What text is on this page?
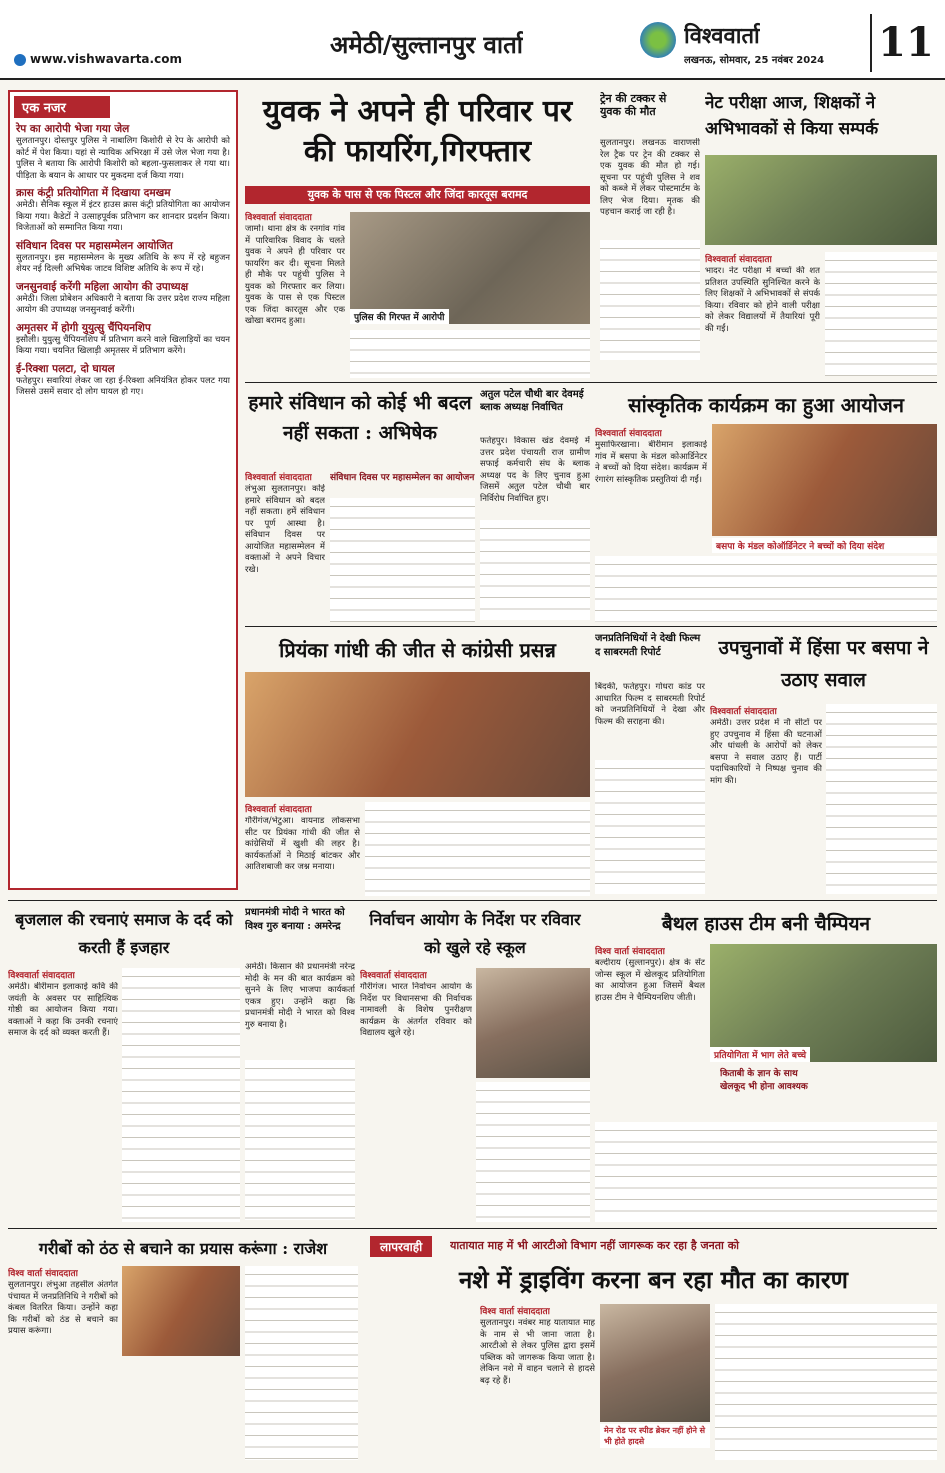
अमेठी/सुल्तानपुर वार्ता
www.vishwavarta.com
विश्ववार्ता
लखनऊ, सोमवार, 25 नवंबर 2024 11
एक नजर
रेप का आरोपी भेजा गया जेल
सुलतानपुर। दोस्तपुर पुलिस ने नाबालिग किशोरी से रेप के आरोपी को कोर्ट में पेश किया। यहां से न्यायिक अभिरक्षा में उसे जेल भेजा गया है। पुलिस ने बताया कि आरोपी किशोरी को बहला-फुसलाकर ले गया था। पीड़िता के बयान के आधार पर मुकदमा दर्ज किया गया।
क्रास कंट्री प्रतियोगिता में दिखाया दमखम
अमेठी। सैनिक स्कूल में इंटर हाउस क्रास कंट्री प्रतियोगिता का आयोजन किया गया। कैडेटों ने उत्साहपूर्वक प्रतिभाग कर शानदार प्रदर्शन किया। विजेताओं को सम्मानित किया गया।
संविधान दिवस पर महासम्मेलन आयोजित
सुलतानपुर। इस महासम्मेलन के मुख्य अतिथि के रूप में रहे बहुजन शेयर नई दिल्ली अभिषेक जाटव विशिष्ट अतिथि के रूप में रहे।
जनसुनवाई करेंगी महिला आयोग की उपाध्यक्ष
अमेठी। जिला प्रोबेशन अधिकारी ने बताया कि उत्तर प्रदेश राज्य महिला आयोग की उपाध्यक्ष जनसुनवाई करेंगी।
अमृतसर में होगी युयुत्सु चैंपियनशिप
इसौली। युयुत्सु चैंपियनशिप में प्रतिभाग करने वाले खिलाड़ियों का चयन किया गया। चयनित खिलाड़ी अमृतसर में प्रतिभाग करेंगे।
ई-रिक्शा पलटा, दो घायल
फतेहपुर। सवारियां लेकर जा रहा ई-रिक्शा अनियंत्रित होकर पलट गया जिससे उसमें सवार दो लोग घायल हो गए।
युवक ने अपने ही परिवार पर की फायरिंग,गिरफ्तार
युवक के पास से एक पिस्टल और जिंदा कारतूस बरामद
विश्ववार्ता संवाददाता
जामो। थाना क्षेत्र के रनगांव गांव में पारिवारिक विवाद के चलते युवक ने अपने ही परिवार पर फायरिंग कर दी। सूचना मिलते ही मौके पर पहुंची पुलिस ने युवक को गिरफ्तार कर लिया। युवक के पास से एक पिस्टल एक जिंदा कारतूस और एक खोखा बरामद हुआ।	पुलिस की गिरफ्त में आरोपी
ट्रेन की टक्कर से युवक की मौत
सुलतानपुर। लखनऊ वाराणसी रेल ट्रैक पर ट्रेन की टक्कर से एक युवक की मौत हो गई। सूचना पर पहुंची पुलिस ने शव को कब्जे में लेकर पोस्टमार्टम के लिए भेज दिया। मृतक की पहचान कराई जा रही है।
नेट परीक्षा आज, शिक्षकों ने अभिभावकों से किया सम्पर्क
विश्ववार्ता संवाददाता
भादर। नेट परीक्षा में बच्चों की शत प्रतिशत उपस्थिति सुनिश्चित करने के लिए शिक्षकों ने अभिभावकों से संपर्क किया। रविवार को होने वाली परीक्षा को लेकर विद्यालयों में तैयारियां पूरी की गईं।
हमारे संविधान को कोई भी बदल नहीं सकता : अभिषेक
संविधान दिवस पर महासम्मेलन का आयोजन
विश्ववार्ता संवाददाता
लंभुआ सुलतानपुर। कोई हमारे संविधान को बदल नहीं सकता। हमें संविधान पर पूर्ण आस्था है। संविधान दिवस पर आयोजित महासम्मेलन में वक्ताओं ने अपने विचार रखे।
अतुल पटेल चौथी बार देवमई ब्लाक अध्यक्ष निर्वाचित
फतेहपुर। विकास खंड देवमई में उत्तर प्रदेश पंचायती राज ग्रामीण सफाई कर्मचारी संघ के ब्लाक अध्यक्ष पद के लिए चुनाव हुआ जिसमें अतुल पटेल चौथी बार निर्विरोध निर्वाचित हुए।
सांस्कृतिक कार्यक्रम का हुआ आयोजन
विश्ववार्ता संवाददाता
मुसाफिरखाना। बीरीमान इलाकाई गांव में बसपा के मंडल कोआर्डिनेटर ने बच्चों को दिया संदेश। कार्यक्रम में रंगारंग सांस्कृतिक प्रस्तुतियां दी गईं।
बसपा के मंडल कोऑर्डिनेटर ने बच्चों को दिया संदेश
प्रियंका गांधी की जीत से कांग्रेसी प्रसन्न
विश्ववार्ता संवाददाता
गौरीगंज/भेटुआ। वायनाड लोकसभा सीट पर प्रियंका गांधी की जीत से कांग्रेसियों में खुशी की लहर है। कार्यकर्ताओं ने मिठाई बांटकर और आतिशबाजी कर जश्न मनाया।
जनप्रतिनिधियों ने देखी फिल्म द साबरमती रिपोर्ट
बिंदकी, फतेहपुर। गोधरा कांड पर आधारित फिल्म द साबरमती रिपोर्ट को जनप्रतिनिधियों ने देखा और फिल्म की सराहना की।
उपचुनावों में हिंसा पर बसपा ने उठाए सवाल
विश्ववार्ता संवाददाता
अमेठी। उत्तर प्रदेश में नौ सीटों पर हुए उपचुनाव में हिंसा की घटनाओं और धांधली के आरोपों को लेकर बसपा ने सवाल उठाए हैं। पार्टी पदाधिकारियों ने निष्पक्ष चुनाव की मांग की।
बृजलाल की रचनाएं समाज के दर्द को करती हैं इजहार
विश्ववार्ता संवाददाता
अमेठी। बीरीमान इलाकाई कवि की जयंती के अवसर पर साहित्यिक गोष्ठी का आयोजन किया गया। वक्ताओं ने कहा कि उनकी रचनाएं समाज के दर्द को व्यक्त करती हैं।
प्रधानमंत्री मोदी ने भारत को विश्व गुरु बनाया : अमरेन्द्र
अमेठी। किसान की प्रधानमंत्री नरेन्द्र मोदी के मन की बात कार्यक्रम को सुनने के लिए भाजपा कार्यकर्ता एकत्र हुए। उन्होंने कहा कि प्रधानमंत्री मोदी ने भारत को विश्व गुरु बनाया है।
निर्वाचन आयोग के निर्देश पर रविवार को खुले रहे स्कूल
विश्ववार्ता संवाददाता
गौरीगंज। भारत निर्वाचन आयोग के निर्देश पर विधानसभा की निर्वाचक नामावली के विशेष पुनरीक्षण कार्यक्रम के अंतर्गत रविवार को विद्यालय खुले रहे।
बैथल हाउस टीम बनी चैम्पियन
विश्व वार्ता संवाददाता
बल्दीराय (सुल्तानपुर)। क्षेत्र के सेंट जोन्स स्कूल में खेलकूद प्रतियोगिता का आयोजन हुआ जिसमें बैथल हाउस टीम ने चैम्पियनशिप जीती।
प्रतियोगिता में भाग लेते बच्चे
किताबी के ज्ञान के साथ खेलकूद भी होना आवश्यक
गरीबों को ठंठ से बचाने का प्रयास करूंगा : राजेश
विश्व वार्ता संवाददाता
सुलतानपुर। लंभुआ तहसील अंतर्गत पंचायत में जनप्रतिनिधि ने गरीबों को कंबल वितरित किया। उन्होंने कहा कि गरीबों को ठंड से बचाने का प्रयास करूंगा।
लापरवाही	यातायात माह में भी आरटीओ विभाग नहीं जागरूक कर रहा है जनता को
नशे में ड्राइविंग करना बन रहा मौत का कारण
विश्व वार्ता संवाददाता
सुलतानपुर। नवंबर माह यातायात माह के नाम से भी जाना जाता है। आरटीओ से लेकर पुलिस द्वारा इसमें पब्लिक को जागरूक किया जाता है। लेकिन नशे में वाहन चलाने से हादसे बढ़ रहे हैं।
मेन रोड पर स्पीड ब्रेकर नहीं होने से भी होते हादसे
